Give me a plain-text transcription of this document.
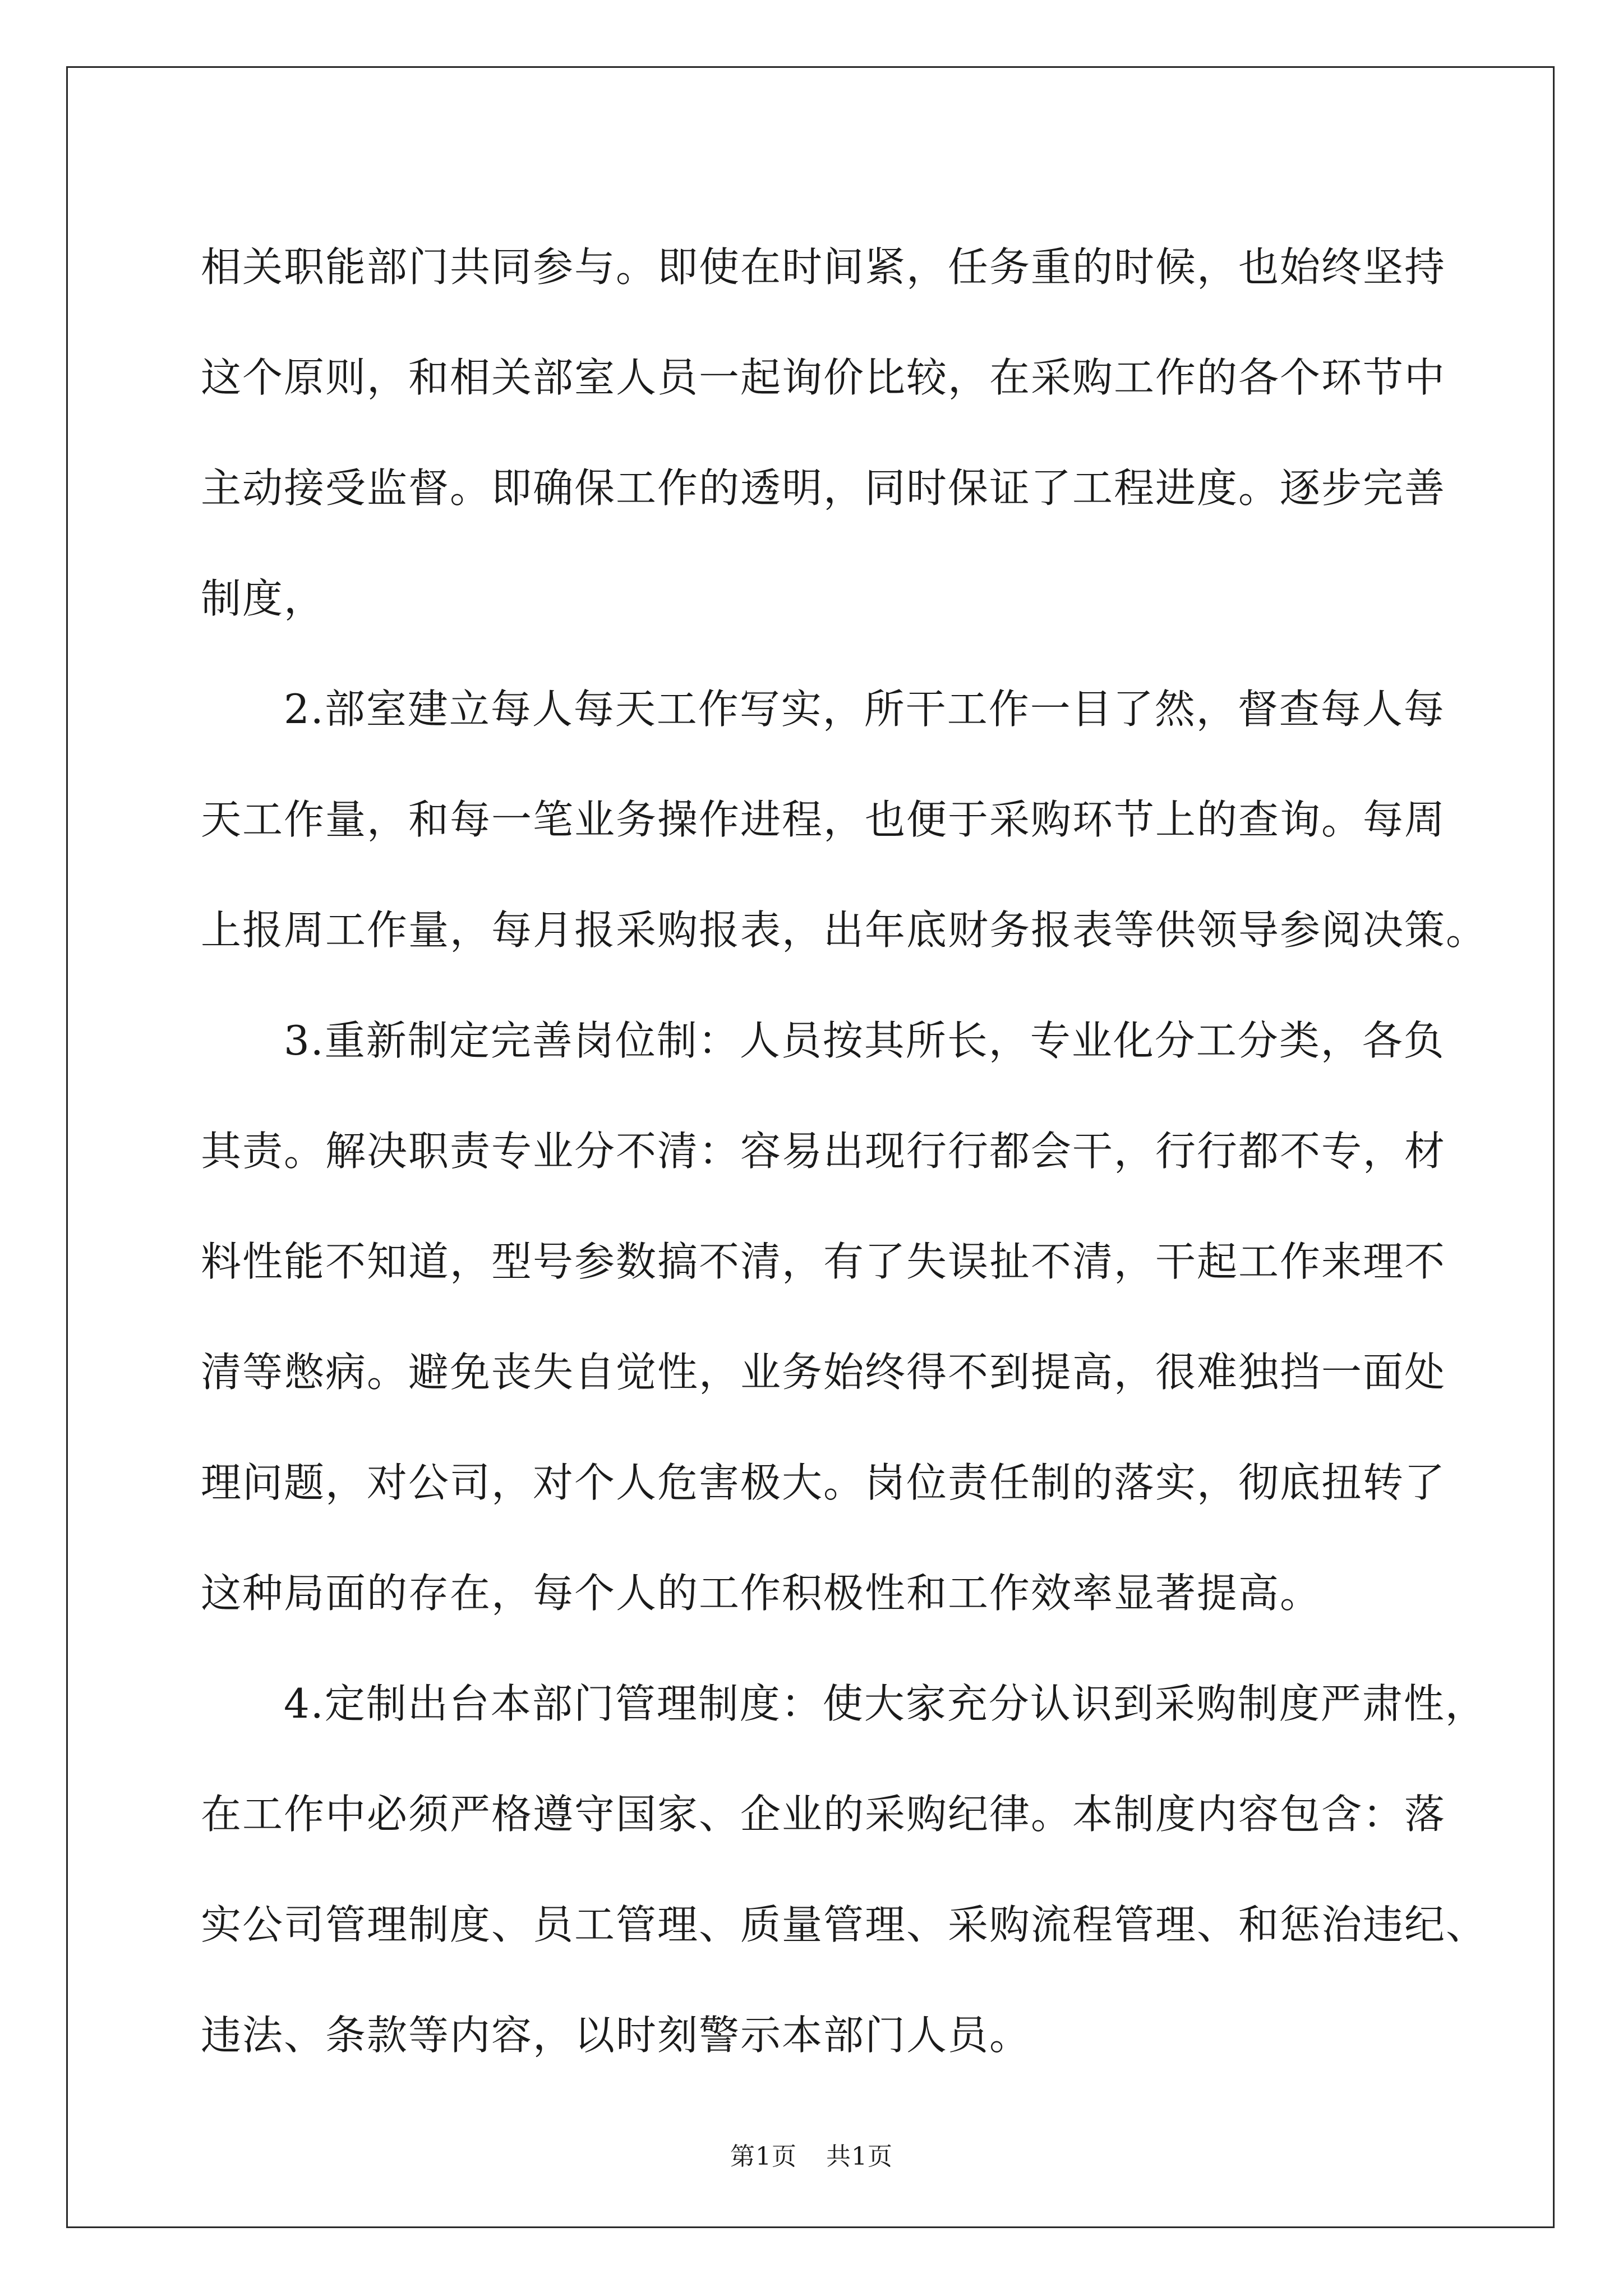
相关职能部门共同参与。即使在时间紧，任务重的时候，也始终坚持
这个原则，和相关部室人员一起询价比较，在采购工作的各个环节中
主动接受监督。即确保工作的透明，同时保证了工程进度。逐步完善
制度，

2.部室建立每人每天工作写实，所干工作一目了然，督查每人每
天工作量，和每一笔业务操作进程，也便于采购环节上的查询。每周
上报周工作量，每月报采购报表，出年底财务报表等供领导参阅决策。

3.重新制定完善岗位制：人员按其所长，专业化分工分类，各负
其责。解决职责专业分不清：容易出现行行都会干，行行都不专，材
料性能不知道，型号参数搞不清，有了失误扯不清，干起工作来理不
清等憋病。避免丧失自觉性，业务始终得不到提高，很难独挡一面处
理问题，对公司，对个人危害极大。岗位责任制的落实，彻底扭转了
这种局面的存在，每个人的工作积极性和工作效率显著提高。

4.定制出台本部门管理制度：使大家充分认识到采购制度严肃性，
在工作中必须严格遵守国家、企业的采购纪律。本制度内容包含：落
实公司管理制度、员工管理、质量管理、采购流程管理、和惩治违纪、
违法、条款等内容，以时刻警示本部门人员。

第1页 共1页
